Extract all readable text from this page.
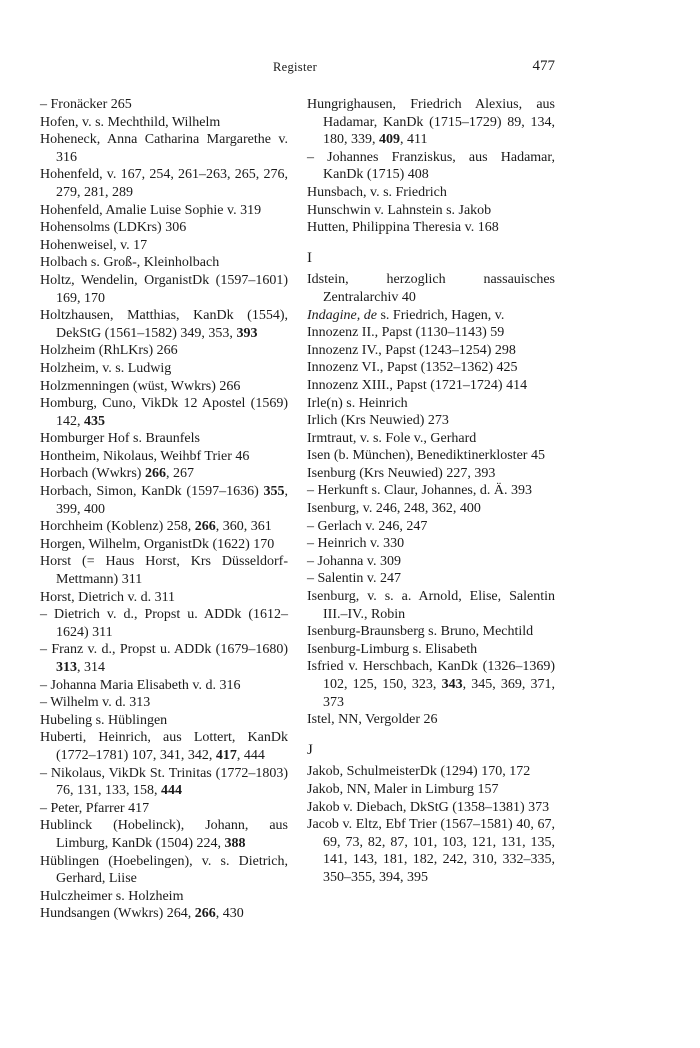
Register	477
– Fronäcker 265
Hofen, v. s. Mechthild, Wilhelm
Hoheneck, Anna Catharina Margarethe v. 316
Hohenfeld, v. 167, 254, 261–263, 265, 276, 279, 281, 289
Hohenfeld, Amalie Luise Sophie v. 319
Hohensolms (LDKrs) 306
Hohenweisel, v. 17
Holbach s. Groß-, Kleinholbach
Holtz, Wendelin, OrganistDk (1597–1601) 169, 170
Holtzhausen, Matthias, KanDk (1554), DekStG (1561–1582) 349, 353, 393
Holzheim (RhLKrs) 266
Holzheim, v. s. Ludwig
Holzmenningen (wüst, Wwkrs) 266
Homburg, Cuno, VikDk 12 Apostel (1569) 142, 435
Homburger Hof s. Braunfels
Hontheim, Nikolaus, Weihbf Trier 46
Horbach (Wwkrs) 266, 267
Horbach, Simon, KanDk (1597–1636) 355, 399, 400
Horchheim (Koblenz) 258, 266, 360, 361
Horgen, Wilhelm, OrganistDk (1622) 170
Horst (= Haus Horst, Krs Düsseldorf-Mettmann) 311
Horst, Dietrich v. d. 311
– Dietrich v. d., Propst u. ADDk (1612–1624) 311
– Franz v. d., Propst u. ADDk (1679–1680) 313, 314
– Johanna Maria Elisabeth v. d. 316
– Wilhelm v. d. 313
Hubeling s. Hüblingen
Huberti, Heinrich, aus Lottert, KanDk (1772–1781) 107, 341, 342, 417, 444
– Nikolaus, VikDk St. Trinitas (1772–1803) 76, 131, 133, 158, 444
– Peter, Pfarrer 417
Hublinck (Hobelinck), Johann, aus Limburg, KanDk (1504) 224, 388
Hüblingen (Hoebelingen), v. s. Dietrich, Gerhard, Liise
Hulczheimer s. Holzheim
Hundsangen (Wwkrs) 264, 266, 430
Hungrighausen, Friedrich Alexius, aus Hadamar, KanDk (1715–1729) 89, 134, 180, 339, 409, 411
– Johannes Franziskus, aus Hadamar, KanDk (1715) 408
Hunsbach, v. s. Friedrich
Hunschwin v. Lahnstein s. Jakob
Hutten, Philippina Theresia v. 168
I
Idstein, herzoglich nassauisches Zentralarchiv 40
Indagine, de s. Friedrich, Hagen, v.
Innozenz II., Papst (1130–1143) 59
Innozenz IV., Papst (1243–1254) 298
Innozenz VI., Papst (1352–1362) 425
Innozenz XIII., Papst (1721–1724) 414
Irle(n) s. Heinrich
Irlich (Krs Neuwied) 273
Irmtraut, v. s. Fole v., Gerhard
Isen (b. München), Benediktinerkloster 45
Isenburg (Krs Neuwied) 227, 393
– Herkunft s. Claur, Johannes, d. Ä. 393
Isenburg, v. 246, 248, 362, 400
– Gerlach v. 246, 247
– Heinrich v. 330
– Johanna v. 309
– Salentin v. 247
Isenburg, v. s. a. Arnold, Elise, Salentin III.–IV., Robin
Isenburg-Braunsberg s. Bruno, Mechtild
Isenburg-Limburg s. Elisabeth
Isfried v. Herschbach, KanDk (1326–1369) 102, 125, 150, 323, 343, 345, 369, 371, 373
Istel, NN, Vergolder 26
J
Jakob, SchulmeisterDk (1294) 170, 172
Jakob, NN, Maler in Limburg 157
Jakob v. Diebach, DkStG (1358–1381) 373
Jacob v. Eltz, Ebf Trier (1567–1581) 40, 67, 69, 73, 82, 87, 101, 103, 121, 131, 135, 141, 143, 181, 182, 242, 310, 332–335, 350–355, 394, 395
